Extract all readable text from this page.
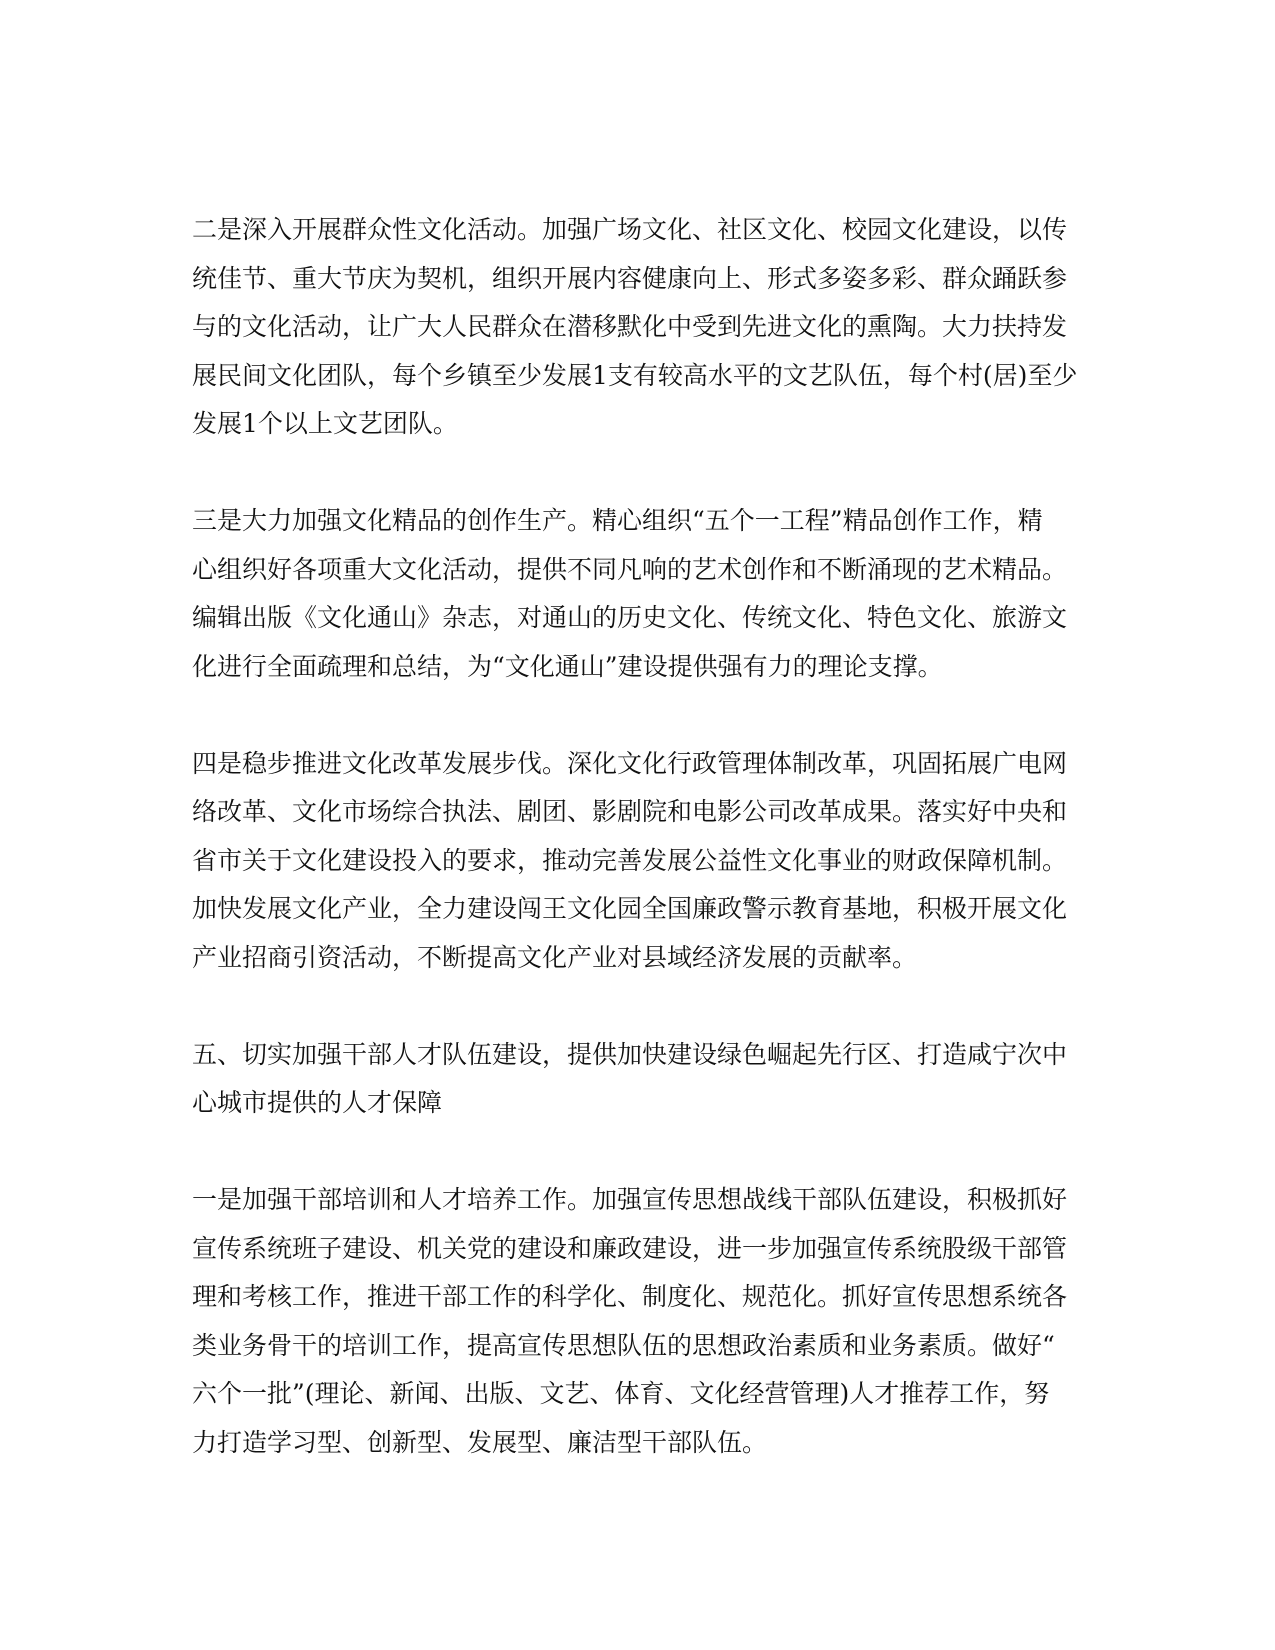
二是深入开展群众性文化活动。加强广场文化、社区文化、校园文化建设，以传
统佳节、重大节庆为契机，组织开展内容健康向上、形式多姿多彩、群众踊跃参
与的文化活动，让广大人民群众在潜移默化中受到先进文化的熏陶。大力扶持发
展民间文化团队，每个乡镇至少发展1支有较高水平的文艺队伍，每个村(居)至少
发展1个以上文艺团队。

三是大力加强文化精品的创作生产。精心组织“五个一工程”精品创作工作，精
心组织好各项重大文化活动，提供不同凡响的艺术创作和不断涌现的艺术精品。
编辑出版《文化通山》杂志，对通山的历史文化、传统文化、特色文化、旅游文
化进行全面疏理和总结，为“文化通山”建设提供强有力的理论支撑。

四是稳步推进文化改革发展步伐。深化文化行政管理体制改革，巩固拓展广电网
络改革、文化市场综合执法、剧团、影剧院和电影公司改革成果。落实好中央和
省市关于文化建设投入的要求，推动完善发展公益性文化事业的财政保障机制。
加快发展文化产业，全力建设闯王文化园全国廉政警示教育基地，积极开展文化
产业招商引资活动，不断提高文化产业对县域经济发展的贡献率。

五、切实加强干部人才队伍建设，提供加快建设绿色崛起先行区、打造咸宁次中
心城市提供的人才保障

一是加强干部培训和人才培养工作。加强宣传思想战线干部队伍建设，积极抓好
宣传系统班子建设、机关党的建设和廉政建设，进一步加强宣传系统股级干部管
理和考核工作，推进干部工作的科学化、制度化、规范化。抓好宣传思想系统各
类业务骨干的培训工作，提高宣传思想队伍的思想政治素质和业务素质。做好“
六个一批”(理论、新闻、出版、文艺、体育、文化经营管理)人才推荐工作，努
力打造学习型、创新型、发展型、廉洁型干部队伍。
